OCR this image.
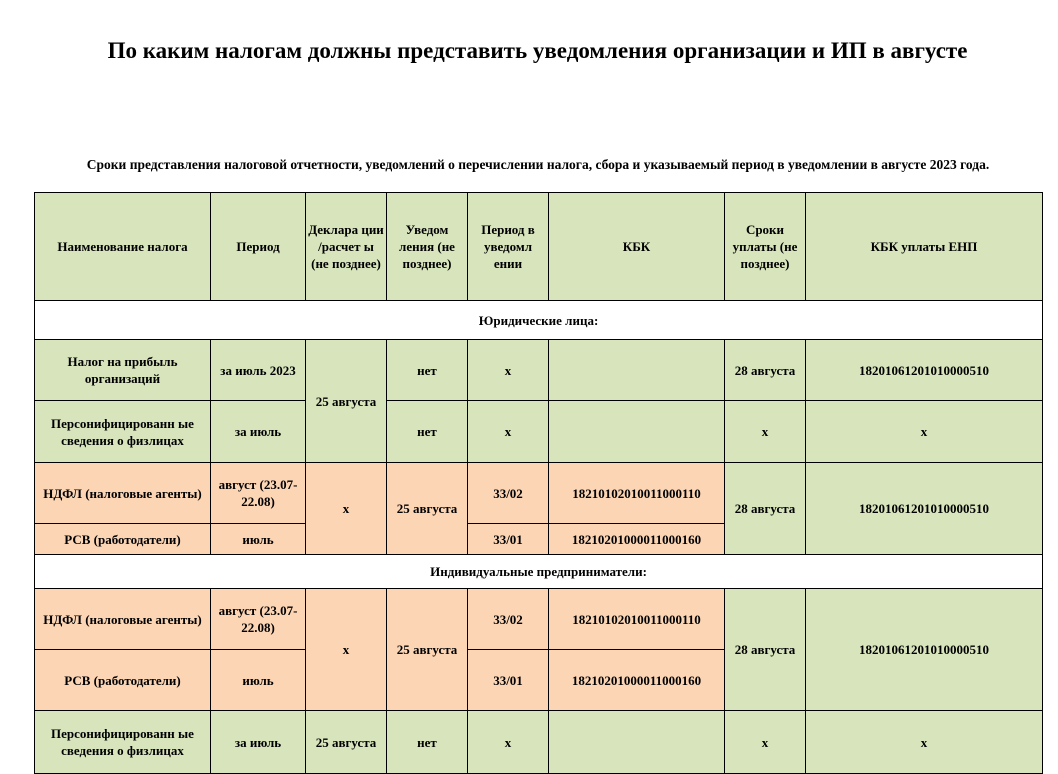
По каким налогам должны представить уведомления организации и ИП в августе
Сроки представления налоговой отчетности, уведомлений о перечислении налога, сбора и указываемый период в уведомлении в августе 2023 года.
Наименование налога	Период	Деклара ции /расчет ы (не позднее)	Уведом ления (не позднее)	Период в уведомл ении	КБК	Сроки уплаты (не позднее)	КБК уплаты ЕНП

Юридические лица:							
Налог на прибыль организаций	за июль 2023	25 августа	нет	х		28 августа	18201061201010000510
Персонифицированн ые сведения о физлицах	за июль		нет	х		х	х
НДФЛ (налоговые агенты)	август (23.07-22.08)	х	25 августа	33/02	18210102010011000110	28 августа	18201061201010000510
РСВ (работодатели)	июль			33/01	18210201000011000160		
Индивидуальные предприниматели:							
НДФЛ (налоговые агенты)	август (23.07-22.08)	х	25 августа	33/02	18210102010011000110	28 августа	18201061201010000510
РСВ (работодатели)	июль			33/01	18210201000011000160		
Персонифицированн ые сведения о физлицах	за июль	25 августа	нет	х		х	х
